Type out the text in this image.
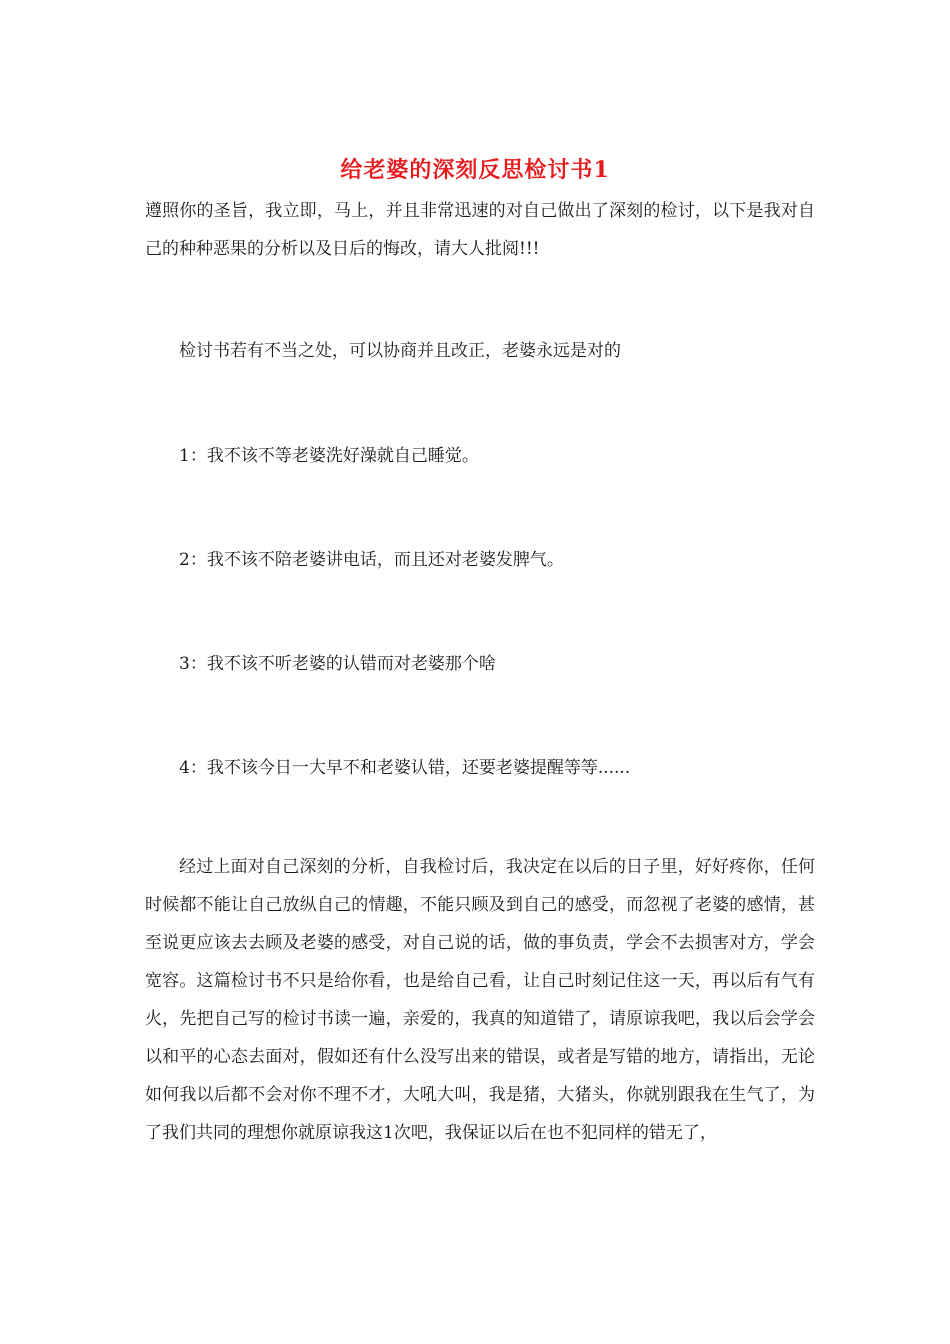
给老婆的深刻反思检讨书1

遵照你的圣旨，我立即，马上，并且非常迅速的对自己做出了深刻的检讨，以下是我对自己的种种恶果的分析以及日后的悔改，请大人批阅!!!

检讨书若有不当之处，可以协商并且改正，老婆永远是对的

1：我不该不等老婆洗好澡就自己睡觉。

2：我不该不陪老婆讲电话，而且还对老婆发脾气。

3：我不该不听老婆的认错而对老婆那个啥

4：我不该今日一大早不和老婆认错，还要老婆提醒等等......

经过上面对自己深刻的分析，自我检讨后，我决定在以后的日子里，好好疼你，任何时候都不能让自己放纵自己的情趣，不能只顾及到自己的感受，而忽视了老婆的感情，甚至说更应该去去顾及老婆的感受，对自己说的话，做的事负责，学会不去损害对方，学会宽容。这篇检讨书不只是给你看，也是给自己看，让自己时刻记住这一天，再以后有气有火，先把自己写的检讨书读一遍，亲爱的，我真的知道错了，请原谅我吧，我以后会学会以和平的心态去面对，假如还有什么没写出来的错误，或者是写错的地方，请指出，无论如何我以后都不会对你不理不才，大吼大叫，我是猪，大猪头，你就别跟我在生气了，为了我们共同的理想你就原谅我这1次吧，我保证以后在也不犯同样的错无了，
